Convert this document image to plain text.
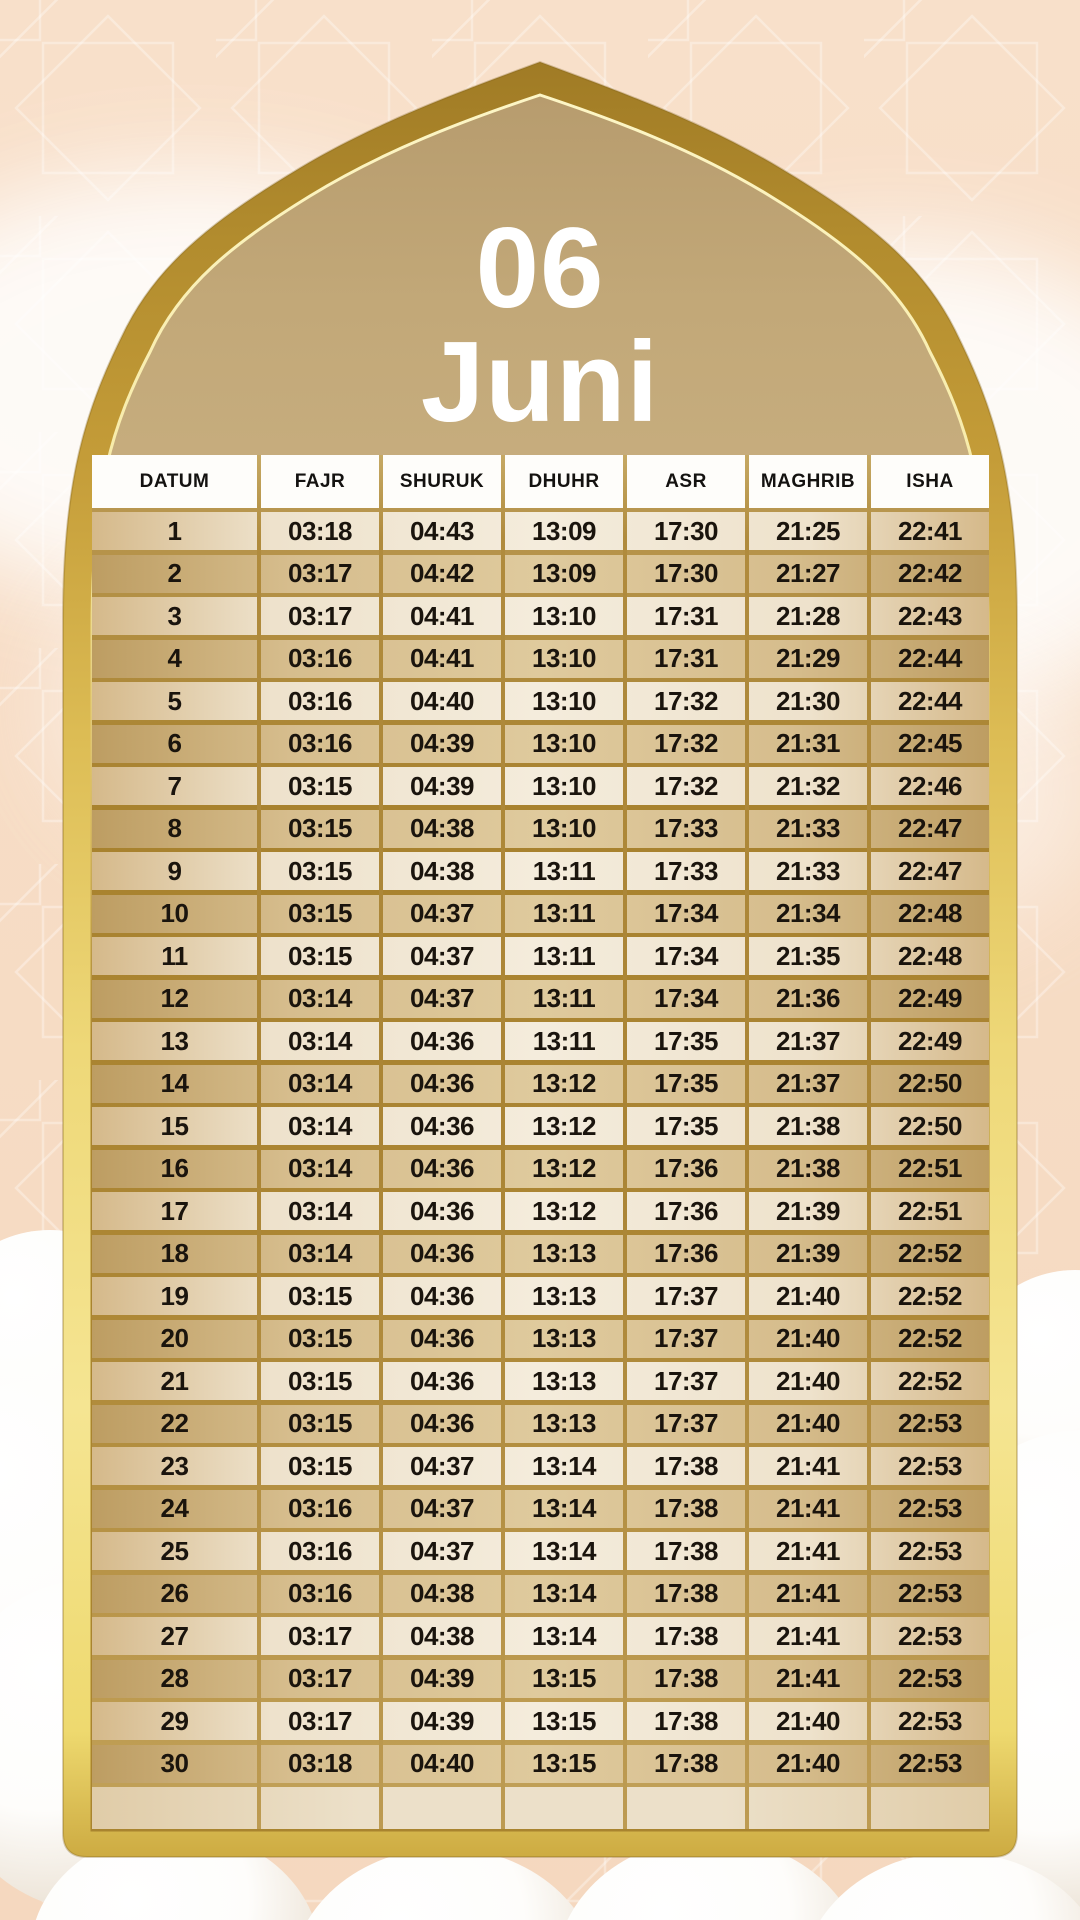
06
Juni
DATUM	FAJR	SHURUK	DHUHR	ASR	MAGHRIB	ISHA
1	03:18	04:43	13:09	17:30	21:25	22:41
2	03:17	04:42	13:09	17:30	21:27	22:42
3	03:17	04:41	13:10	17:31	21:28	22:43
4	03:16	04:41	13:10	17:31	21:29	22:44
5	03:16	04:40	13:10	17:32	21:30	22:44
6	03:16	04:39	13:10	17:32	21:31	22:45
7	03:15	04:39	13:10	17:32	21:32	22:46
8	03:15	04:38	13:10	17:33	21:33	22:47
9	03:15	04:38	13:11	17:33	21:33	22:47
10	03:15	04:37	13:11	17:34	21:34	22:48
11	03:15	04:37	13:11	17:34	21:35	22:48
12	03:14	04:37	13:11	17:34	21:36	22:49
13	03:14	04:36	13:11	17:35	21:37	22:49
14	03:14	04:36	13:12	17:35	21:37	22:50
15	03:14	04:36	13:12	17:35	21:38	22:50
16	03:14	04:36	13:12	17:36	21:38	22:51
17	03:14	04:36	13:12	17:36	21:39	22:51
18	03:14	04:36	13:13	17:36	21:39	22:52
19	03:15	04:36	13:13	17:37	21:40	22:52
20	03:15	04:36	13:13	17:37	21:40	22:52
21	03:15	04:36	13:13	17:37	21:40	22:52
22	03:15	04:36	13:13	17:37	21:40	22:53
23	03:15	04:37	13:14	17:38	21:41	22:53
24	03:16	04:37	13:14	17:38	21:41	22:53
25	03:16	04:37	13:14	17:38	21:41	22:53
26	03:16	04:38	13:14	17:38	21:41	22:53
27	03:17	04:38	13:14	17:38	21:41	22:53
28	03:17	04:39	13:15	17:38	21:41	22:53
29	03:17	04:39	13:15	17:38	21:40	22:53
30	03:18	04:40	13:15	17:38	21:40	22:53
